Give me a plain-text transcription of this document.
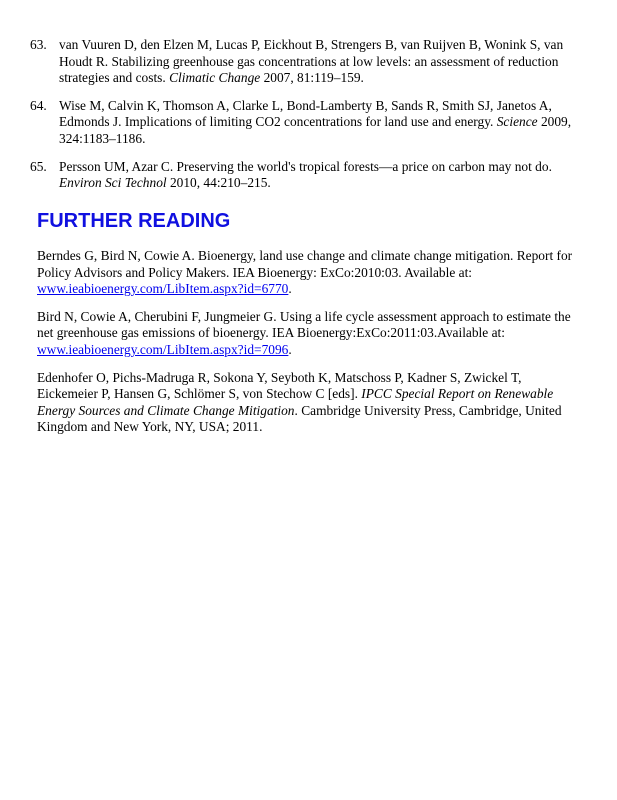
63. van Vuuren D, den Elzen M, Lucas P, Eickhout B, Strengers B, van Ruijven B, Wonink S, van Houdt R. Stabilizing greenhouse gas concentrations at low levels: an assessment of reduction strategies and costs. Climatic Change 2007, 81:119–159.
64. Wise M, Calvin K, Thomson A, Clarke L, Bond-Lamberty B, Sands R, Smith SJ, Janetos A, Edmonds J. Implications of limiting CO2 concentrations for land use and energy. Science 2009, 324:1183–1186.
65. Persson UM, Azar C. Preserving the world's tropical forests—a price on carbon may not do. Environ Sci Technol 2010, 44:210–215.
FURTHER READING

Berndes G, Bird N, Cowie A. Bioenergy, land use change and climate change mitigation. Report for Policy Advisors and Policy Makers. IEA Bioenergy: ExCo:2010:03. Available at: www.ieabioenergy.com/LibItem.aspx?id=6770.

Bird N, Cowie A, Cherubini F, Jungmeier G. Using a life cycle assessment approach to estimate the net greenhouse gas emissions of bioenergy. IEA Bioenergy:ExCo:2011:03.Available at: www.ieabioenergy.com/LibItem.aspx?id=7096.

Edenhofer O, Pichs-Madruga R, Sokona Y, Seyboth K, Matschoss P, Kadner S, Zwickel T, Eickemeier P, Hansen G, Schlömer S, von Stechow C [eds]. IPCC Special Report on Renewable Energy Sources and Climate Change Mitigation. Cambridge University Press, Cambridge, United Kingdom and New York, NY, USA; 2011.
